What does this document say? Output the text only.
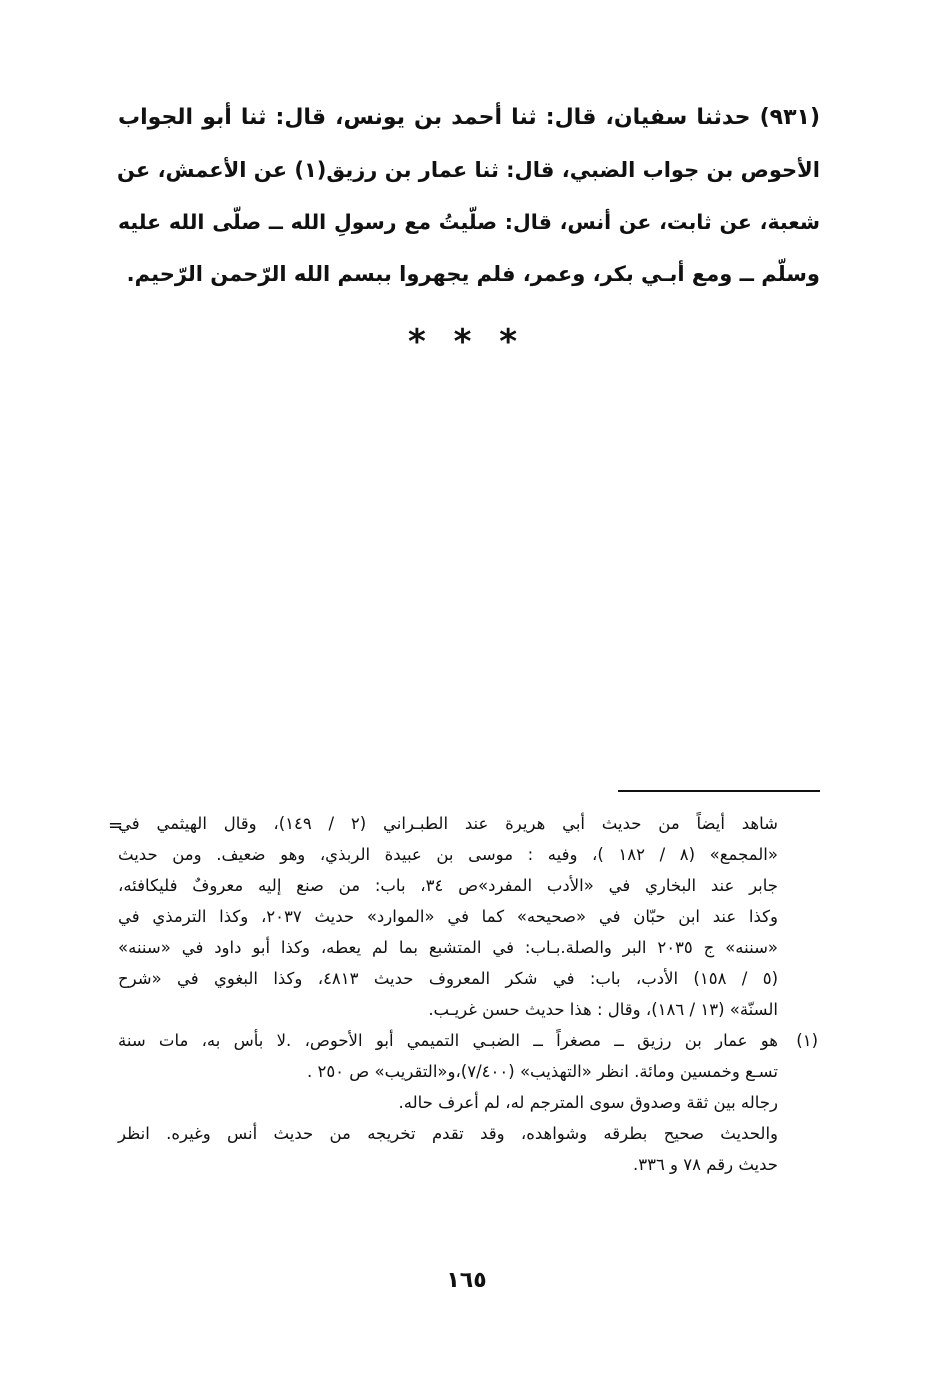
(٩٣١) حدثنا سفيان، قال: ثنا أحمد بن يونس، قال: ثنا أبو الجواب
الأحوص بن جواب الضبي، قال: ثنا عمار بن رزيق(١) عن الأعمش، عن
شعبة، عن ثابت، عن أنس، قال: صلّيتُ مع رسولِ الله ــ صلّى الله عليه
وسلّم ــ ومع أبـي بكر، وعمر، فلم يجهروا ببسم الله الرّحمن الرّحيم.
* * *
=
شاهد أيضاً من حديث أبي هريرة عند الطبـراني (٢ / ١٤٩)، وقال الهيثمي في
«المجمع» (٨ / ١٨٢ )، وفيه : موسى بن عبيدة الربذي، وهو ضعيف. ومن حديث
جابر عند البخاري في «الأدب المفرد»ص ٣٤، باب: من صنع إليه معروفٌ فليكافئه،
وكذا عند ابن حبّان في «صحيحه» كما في «الموارد» حديث ٢٠٣٧، وكذا الترمذي في
«سننه» ج ٢٠٣٥ البر والصلة.بـاب: في المتشبع بما لم يعطه، وكذا أبو داود في «سننه»
(٥ / ١٥٨) الأدب، باب: في شكر المعروف حديث ٤٨١٣، وكذا البغوي في «شرح
السنّة» (١٣ / ١٨٦)، وقال : هذا حديث حسن غريـب.
(١)
هو عمار بن رزيق ــ مصغراً ــ الضبـي التميمي أبو الأحوص، .لا بأس به، مات سنة
تسـع وخمسين ومائة. انظر «التهذيب» (٧/٤٠٠)،و«التقريب» ص ٢٥٠ .
رجاله بين ثقة وصدوق سوى المترجم له، لم أعرف حاله.
والحديث صحيح بطرقه وشواهده، وقد تقدم تخريجه من حديث أنس وغيره. انظر
حديث رقم ٧٨ و ٣٣٦.
١٦٥
